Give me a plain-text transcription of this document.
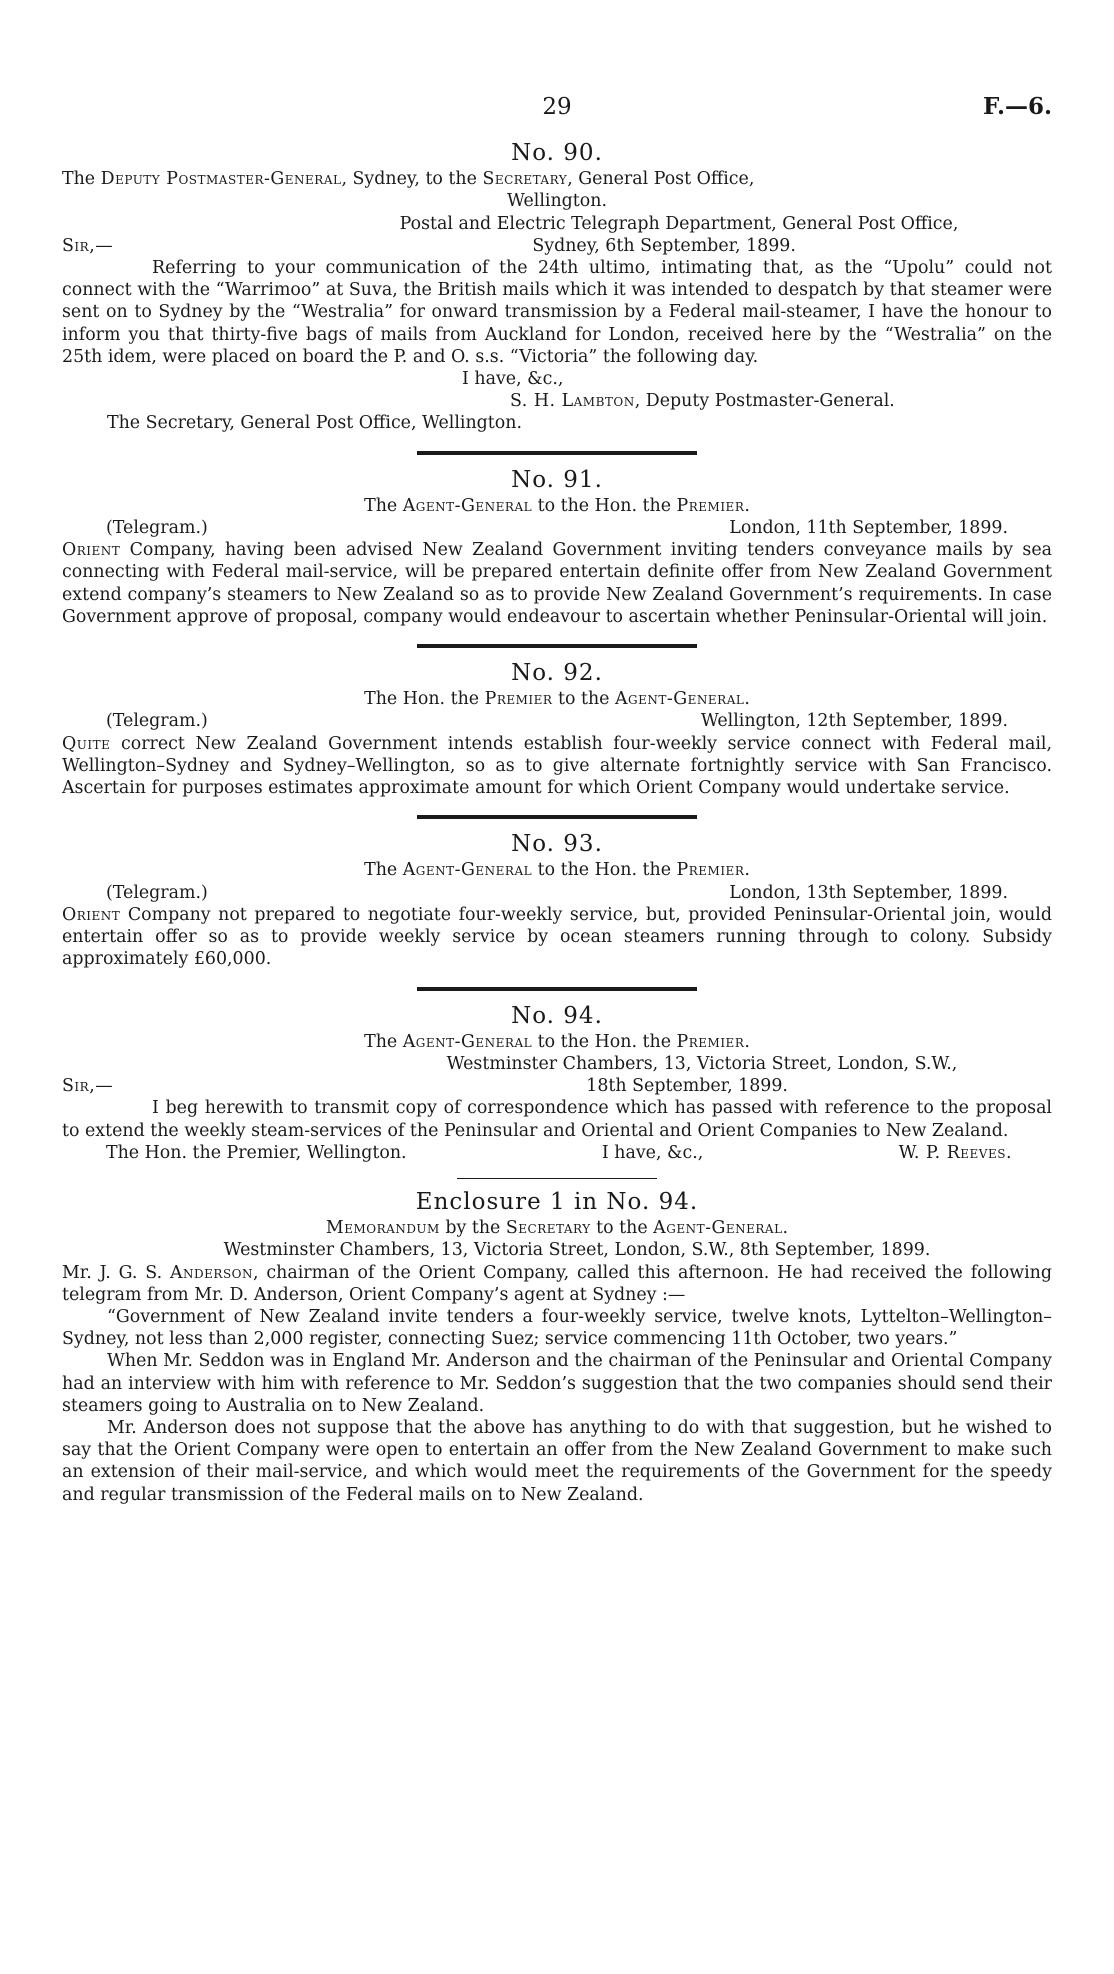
29	F.—6.
No. 90.
The Deputy Postmaster-General, Sydney, to the Secretary, General Post Office,
Wellington.
Postal and Electric Telegraph Department, General Post Office,
Sir,—	Sydney, 6th September, 1899.
Referring to your communication of the 24th ultimo, intimating that, as the “Upolu” could not connect with the “Warrimoo” at Suva, the British mails which it was intended to despatch by that steamer were sent on to Sydney by the “Westralia” for onward transmission by a Federal mail-steamer, I have the honour to inform you that thirty-five bags of mails from Auckland for London, received here by the “Westralia” on the 25th idem, were placed on board the P. and O. s.s. “Victoria” the following day.
I have, &c.,
S. H. Lambton, Deputy Postmaster-General.
The Secretary, General Post Office, Wellington.
No. 91.
The Agent-General to the Hon. the Premier.
(Telegram.)	London, 11th September, 1899.
Orient Company, having been advised New Zealand Government inviting tenders conveyance mails by sea connecting with Federal mail-service, will be prepared entertain definite offer from New Zealand Government extend company’s steamers to New Zealand so as to provide New Zealand Government’s requirements. In case Government approve of proposal, company would endeavour to ascertain whether Peninsular-Oriental will join.
No. 92.
The Hon. the Premier to the Agent-General.
(Telegram.)	Wellington, 12th September, 1899.
Quite correct New Zealand Government intends establish four-weekly service connect with Federal mail, Wellington–Sydney and Sydney–Wellington, so as to give alternate fortnightly service with San Francisco. Ascertain for purposes estimates approximate amount for which Orient Company would undertake service.
No. 93.
The Agent-General to the Hon. the Premier.
(Telegram.)	London, 13th September, 1899.
Orient Company not prepared to negotiate four-weekly service, but, provided Peninsular-Oriental join, would entertain offer so as to provide weekly service by ocean steamers running through to colony. Subsidy approximately £60,000.
No. 94.
The Agent-General to the Hon. the Premier.
Westminster Chambers, 13, Victoria Street, London, S.W.,
Sir,—	18th September, 1899.
I beg herewith to transmit copy of correspondence which has passed with reference to the proposal to extend the weekly steam-services of the Peninsular and Oriental and Orient Companies to New Zealand.
The Hon. the Premier, Wellington.	I have, &c.,	W. P. Reeves.
Enclosure 1 in No. 94.
Memorandum by the Secretary to the Agent-General.
Westminster Chambers, 13, Victoria Street, London, S.W., 8th September, 1899.
Mr. J. G. S. Anderson, chairman of the Orient Company, called this afternoon. He had received the following telegram from Mr. D. Anderson, Orient Company’s agent at Sydney :—
“Government of New Zealand invite tenders a four-weekly service, twelve knots, Lyttelton–Wellington–Sydney, not less than 2,000 register, connecting Suez; service commencing 11th October, two years.”
When Mr. Seddon was in England Mr. Anderson and the chairman of the Peninsular and Oriental Company had an interview with him with reference to Mr. Seddon’s suggestion that the two companies should send their steamers going to Australia on to New Zealand.
Mr. Anderson does not suppose that the above has anything to do with that suggestion, but he wished to say that the Orient Company were open to entertain an offer from the New Zealand Government to make such an extension of their mail-service, and which would meet the requirements of the Government for the speedy and regular transmission of the Federal mails on to New Zealand.
